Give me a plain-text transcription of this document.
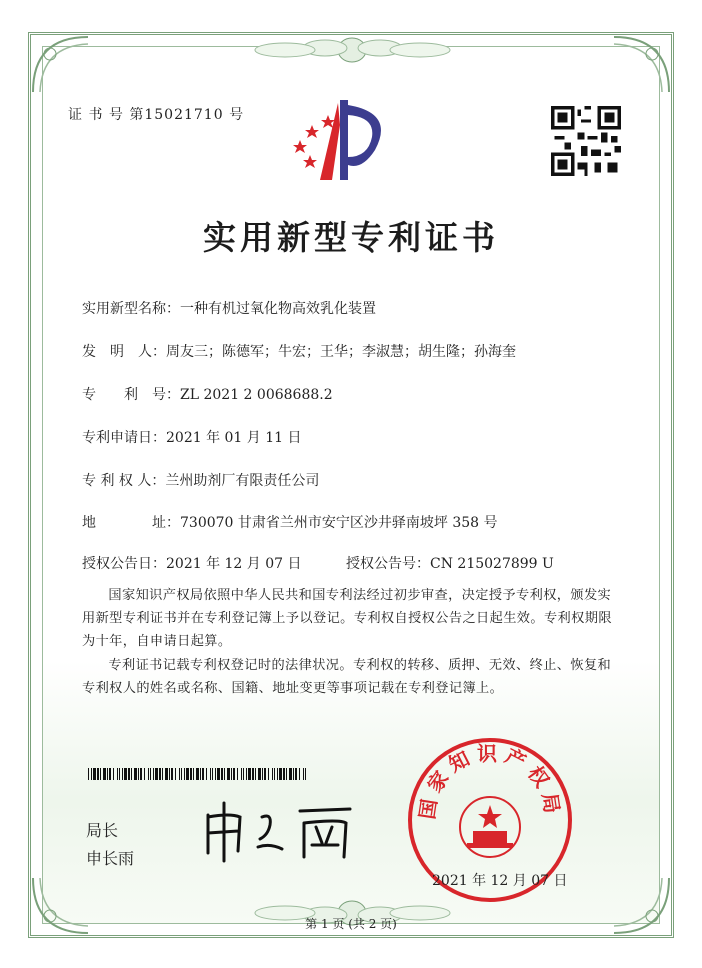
证 书 号 第15021710 号
实用新型专利证书
实用新型名称：一种有机过氧化物高效乳化装置
发　明　人：周友三；陈德军；牛宏；王华；李淑慧；胡生隆；孙海奎
专　　利　号：ZL 2021 2 0068688.2
专利申请日：2021 年 01 月 11 日
专 利 权 人：兰州助剂厂有限责任公司
地　　　　址：730070 甘肃省兰州市安宁区沙井驿南坡坪 358 号
授权公告日：2021 年 12 月 07 日	授权公告号：CN 215027899 U
国家知识产权局依照中华人民共和国专利法经过初步审查，决定授予专利权，颁发实用新型专利证书并在专利登记簿上予以登记。专利权自授权公告之日起生效。专利权期限为十年，自申请日起算。
专利证书记载专利权登记时的法律状况。专利权的转移、质押、无效、终止、恢复和专利权人的姓名或名称、国籍、地址变更等事项记载在专利登记簿上。
局长
申长雨
国家知识产权局
2021 年 12 月 07 日
第 1 页 (共 2 页)
